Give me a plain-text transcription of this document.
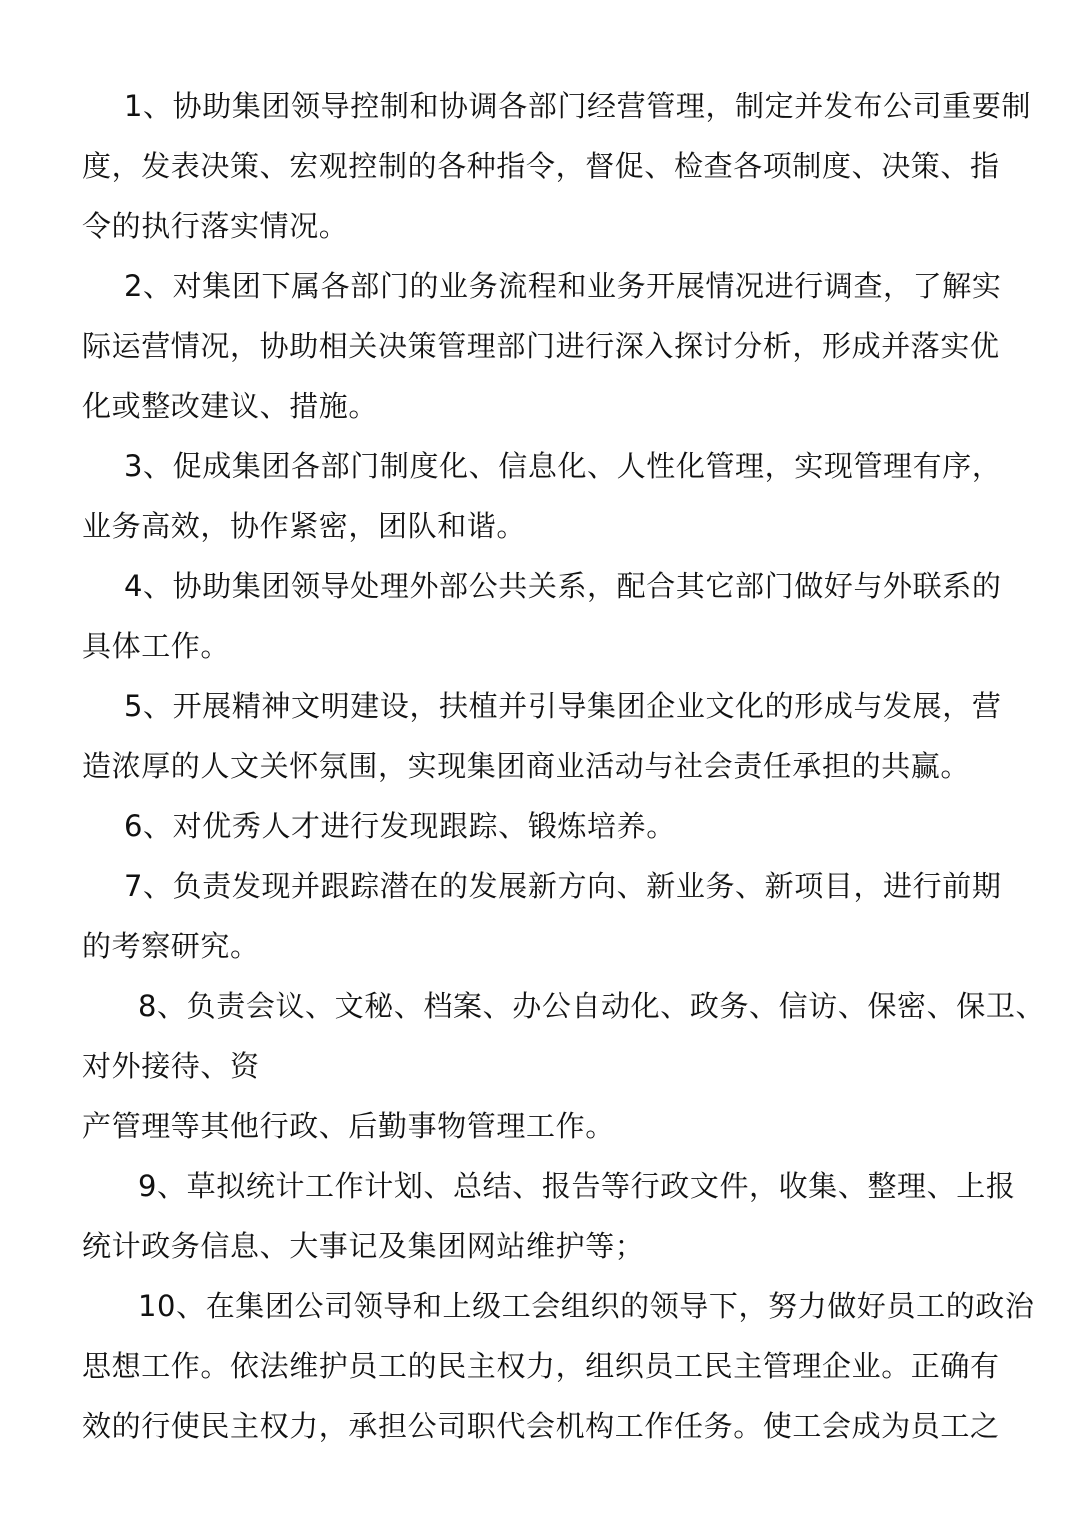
1、协助集团领导控制和协调各部门经营管理，制定并发布公司重要制
度，发表决策、宏观控制的各种指令，督促、检查各项制度、决策、指
令的执行落实情况。
2、对集团下属各部门的业务流程和业务开展情况进行调查，了解实
际运营情况，协助相关决策管理部门进行深入探讨分析，形成并落实优
化或整改建议、措施。
3、促成集团各部门制度化、信息化、人性化管理，实现管理有序，
业务高效，协作紧密，团队和谐。
4、协助集团领导处理外部公共关系，配合其它部门做好与外联系的
具体工作。
5、开展精神文明建设，扶植并引导集团企业文化的形成与发展，营
造浓厚的人文关怀氛围，实现集团商业活动与社会责任承担的共赢。
6、对优秀人才进行发现跟踪、锻炼培养。
7、负责发现并跟踪潜在的发展新方向、新业务、新项目，进行前期
的考察研究。
8、负责会议、文秘、档案、办公自动化、政务、信访、保密、保卫、
对外接待、资
产管理等其他行政、后勤事物管理工作。
9、草拟统计工作计划、总结、报告等行政文件，收集、整理、上报
统计政务信息、大事记及集团网站维护等；
10、在集团公司领导和上级工会组织的领导下，努力做好员工的政治
思想工作。依法维护员工的民主权力，组织员工民主管理企业。正确有
效的行使民主权力，承担公司职代会机构工作任务。使工会成为员工之
